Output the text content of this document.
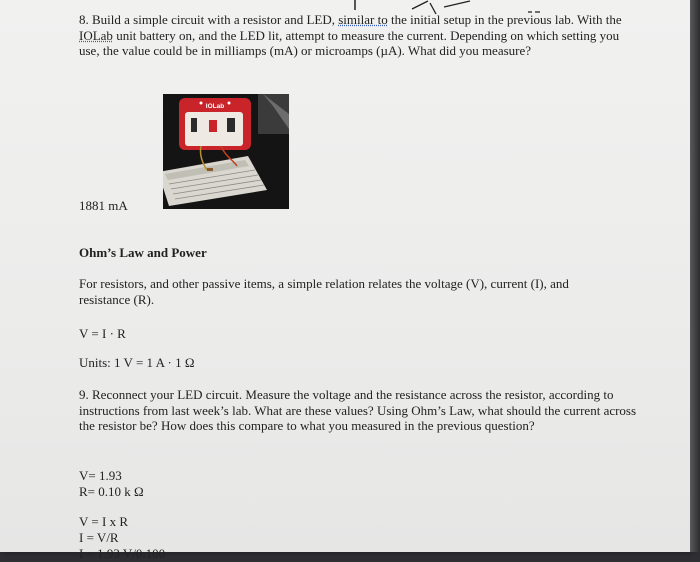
8. Build a simple circuit with a resistor and LED, similar to the initial setup in the previous lab. With the IOLab unit battery on, and the LED lit, attempt to measure the current. Depending on which setting you use, the value could be in milliamps (mA) or microamps (µA). What did you measure?
IOLab
1881 mA
Ohm’s Law and Power
For resistors, and other passive items, a simple relation relates the voltage (V), current (I), and resistance (R).
V = I · R
Units: 1 V = 1 A · 1 Ω
9. Reconnect your LED circuit. Measure the voltage and the resistance across the resistor, according to instructions from last week’s lab. What are these values? Using Ohm’s Law, what should the current across the resistor be? How does this compare to what you measured in the previous question?
V= 1.93
R= 0.10 k Ω
V = I x R
I = V/R
I = 1.93 V/0.100
